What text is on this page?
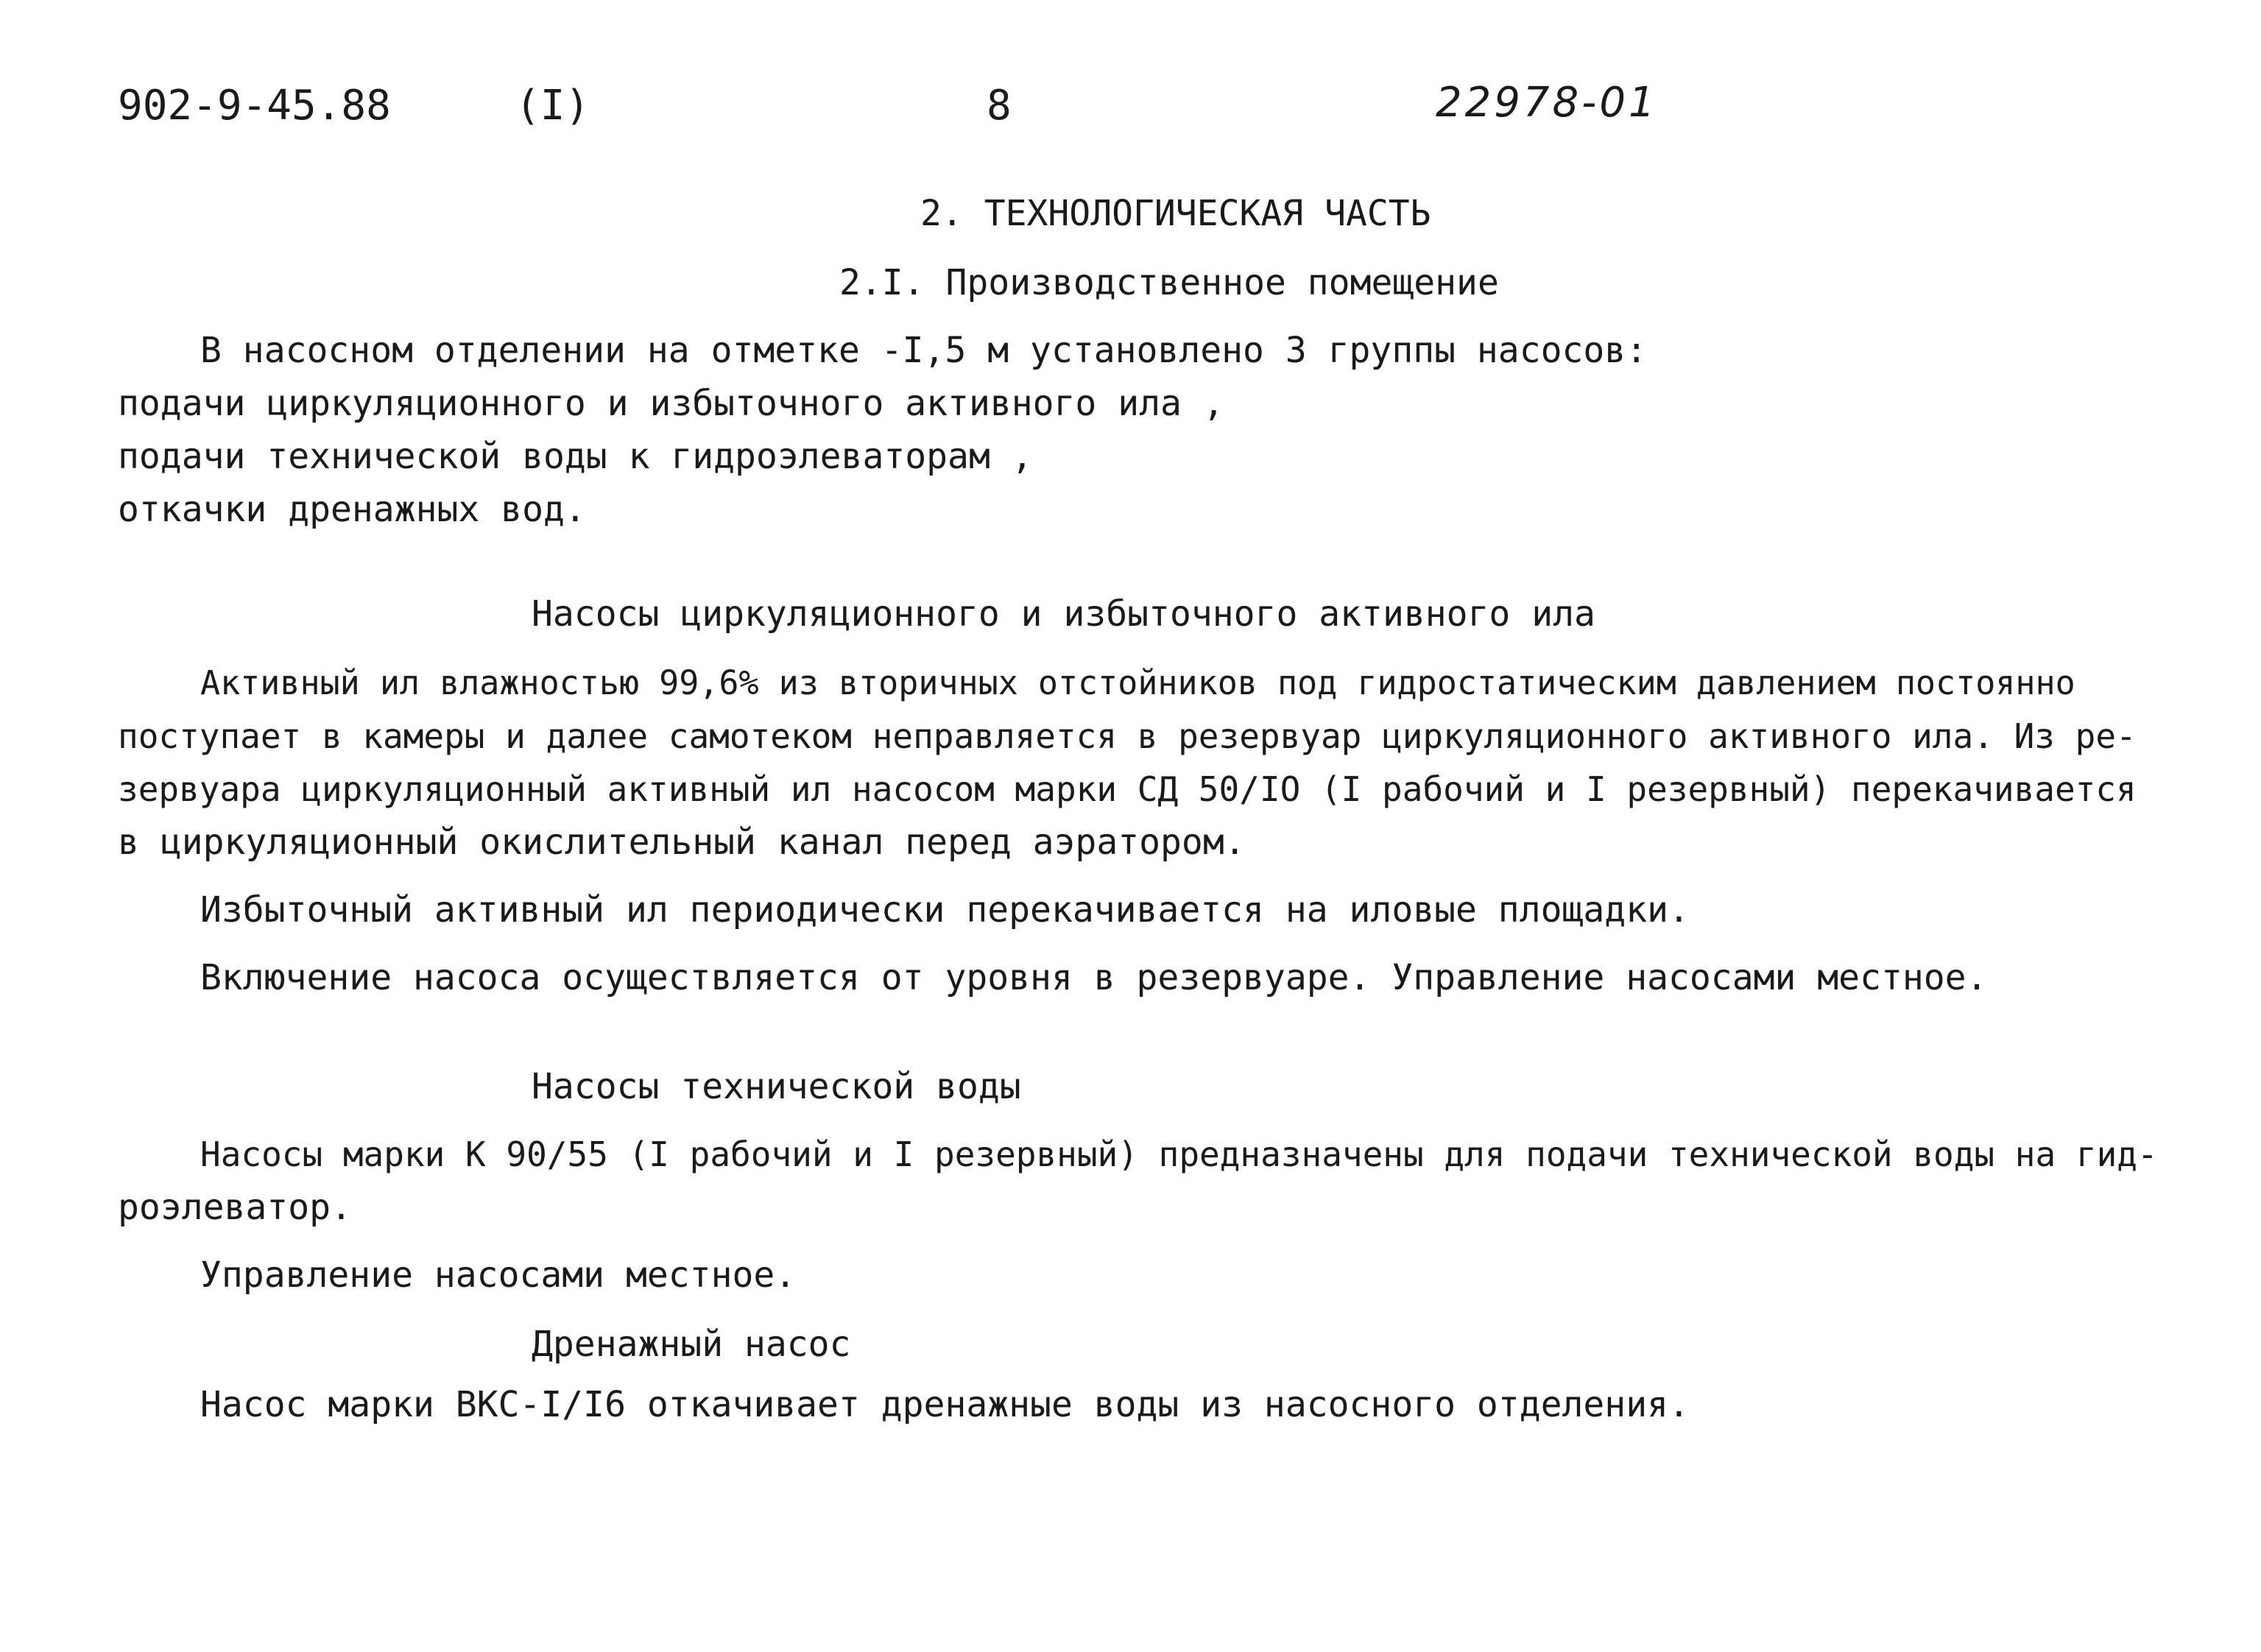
902-9-45.88	(I)	8	22978-01
2. ТЕХНОЛОГИЧЕСКАЯ ЧАСТЬ
2.I. Производственное помещение
В насосном отделении на отметке -I,5 м установлено 3 группы насосов:
подачи циркуляционного и избыточного активного ила ,
подачи технической воды к гидроэлеваторам ,
откачки дренажных вод.
Насосы циркуляционного и избыточного активного ила
Активный ил влажностью 99,6% из вторичных отстойников под гидростатическим давлением постоянно
поступает в камеры и далее самотеком неправляется в резервуар циркуляционного активного ила. Из ре-
зервуара циркуляционный активный ил насосом марки СД 50/IO (I рабочий и I резервный) перекачивается
в циркуляционный окислительный канал перед аэратором.
Избыточный активный ил периодически перекачивается на иловые площадки.
Включение насоса осуществляется от уровня в резервуаре. Управление насосами местное.
Насосы технической воды
Насосы марки К 90/55 (I рабочий и I резервный) предназначены для подачи технической воды на гид-
роэлеватор.
Управление насосами местное.
Дренажный насос
Насос марки ВКС-I/I6 откачивает дренажные воды из насосного отделения.
